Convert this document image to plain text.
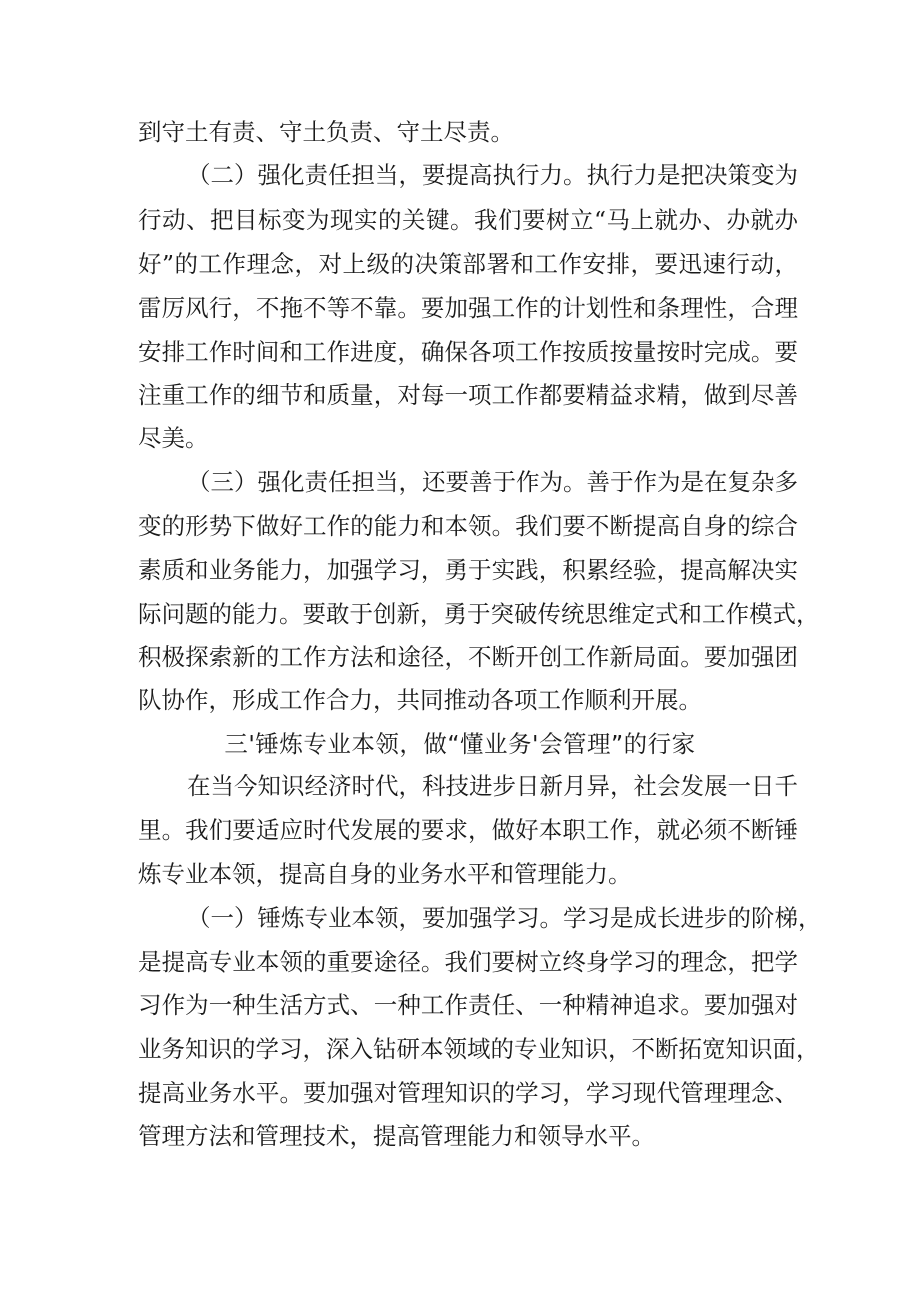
到守土有责、守土负责、守土尽责。
（二）强化责任担当，要提高执行力。执行力是把决策变为
行动、把目标变为现实的关键。我们要树立“马上就办、办就办
好”的工作理念，对上级的决策部署和工作安排，要迅速行动，
雷厉风行，不拖不等不靠。要加强工作的计划性和条理性，合理
安排工作时间和工作进度，确保各项工作按质按量按时完成。要
注重工作的细节和质量，对每一项工作都要精益求精，做到尽善
尽美。
（三）强化责任担当，还要善于作为。善于作为是在复杂多
变的形势下做好工作的能力和本领。我们要不断提高自身的综合
素质和业务能力，加强学习，勇于实践，积累经验，提高解决实
际问题的能力。要敢于创新，勇于突破传统思维定式和工作模式，
积极探索新的工作方法和途径，不断开创工作新局面。要加强团
队协作，形成工作合力，共同推动各项工作顺利开展。
三'锤炼专业本领，做“懂业务'会管理”的行家
在当今知识经济时代，科技进步日新月异，社会发展一日千
里。我们要适应时代发展的要求，做好本职工作，就必须不断锤
炼专业本领，提高自身的业务水平和管理能力。
（一）锤炼专业本领，要加强学习。学习是成长进步的阶梯，
是提高专业本领的重要途径。我们要树立终身学习的理念，把学
习作为一种生活方式、一种工作责任、一种精神追求。要加强对
业务知识的学习，深入钻研本领域的专业知识，不断拓宽知识面，
提高业务水平。要加强对管理知识的学习，学习现代管理理念、
管理方法和管理技术，提高管理能力和领导水平。
